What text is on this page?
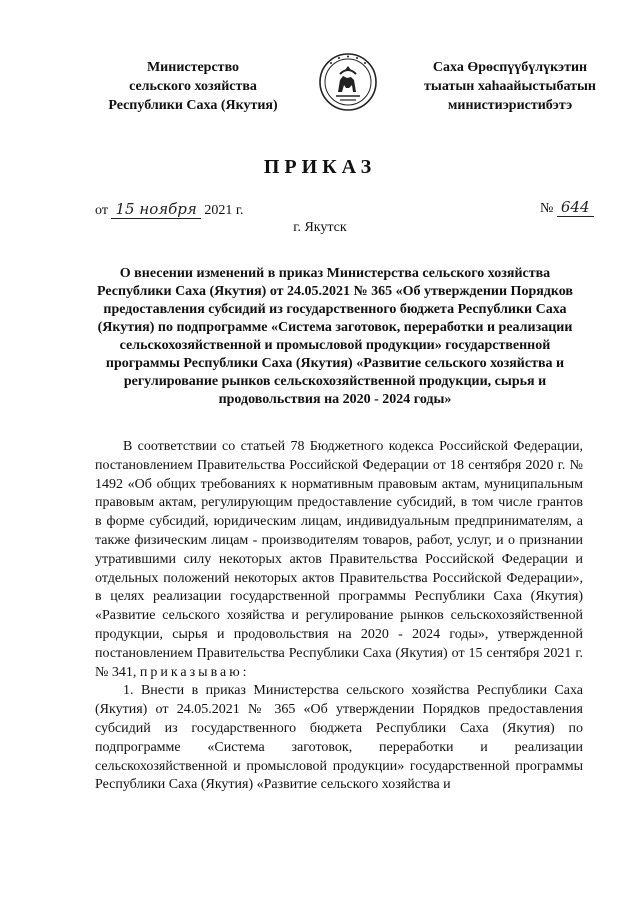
Министерство
сельского хозяйства
Республики Саха (Якутия)
Саха Өрөспүүбүлүкэтин
тыатын хаһаайыстыбатын
министиэристибэтэ
ПРИКАЗ
от 15 ноября 2021 г.	№ 644
г. Якутск
О внесении изменений в приказ Министерства сельского хозяйства Республики Саха (Якутия) от 24.05.2021 № 365 «Об утверждении Порядков предоставления субсидий из государственного бюджета Республики Саха (Якутия) по подпрограмме «Система заготовок, переработки и реализации сельскохозяйственной и промысловой продукции» государственной программы Республики Саха (Якутия) «Развитие сельского хозяйства и регулирование рынков сельскохозяйственной продукции, сырья и продовольствия на 2020 - 2024 годы»

В соответствии со статьей 78 Бюджетного кодекса Российской Федерации, постановлением Правительства Российской Федерации от 18 сентября 2020 г. № 1492 «Об общих требованиях к нормативным правовым актам, муниципальным правовым актам, регулирующим предоставление субсидий, в том числе грантов в форме субсидий, юридическим лицам, индивидуальным предпринимателям, а также физическим лицам - производителям товаров, работ, услуг, и о признании утратившими силу некоторых актов Правительства Российской Федерации и отдельных положений некоторых актов Правительства Российской Федерации», в целях реализации государственной программы Республики Саха (Якутия) «Развитие сельского хозяйства и регулирование рынков сельскохозяйственной продукции, сырья и продовольствия на 2020 - 2024 годы», утвержденной постановлением Правительства Республики Саха (Якутия) от 15 сентября 2021 г. № 341, приказываю:

1. Внести в приказ Министерства сельского хозяйства Республики Саха (Якутия) от 24.05.2021 № 365 «Об утверждении Порядков предоставления субсидий из государственного бюджета Республики Саха (Якутия) по подпрограмме «Система заготовок, переработки и реализации сельскохозяйственной и промысловой продукции» государственной программы Республики Саха (Якутия) «Развитие сельского хозяйства и
